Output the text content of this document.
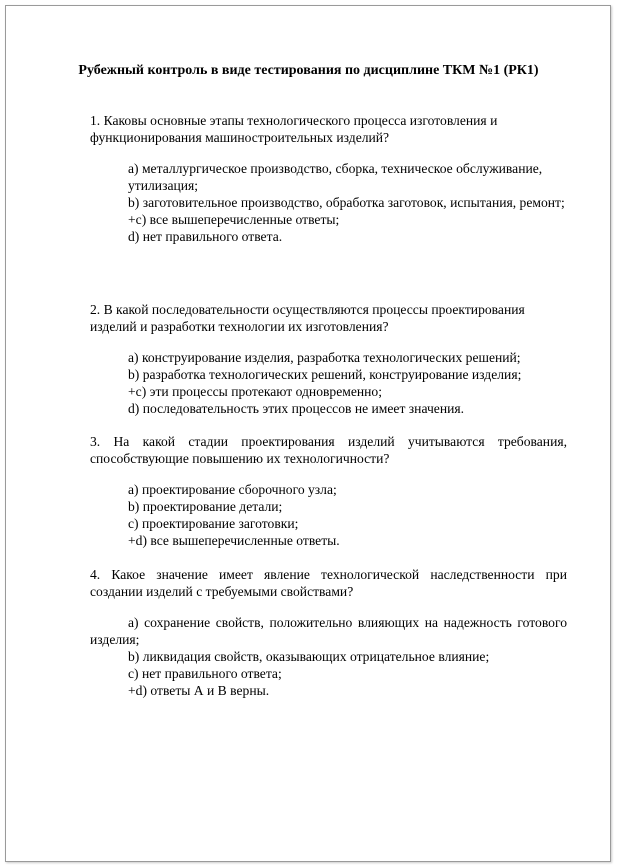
Рубежный контроль в виде тестирования по дисциплине ТКМ №1 (РК1)

1. Каковы основные этапы технологического процесса изготовления и функционирования машиностроительных изделий?

a) металлургическое производство, сборка, техническое обслуживание, утилизация;
b) заготовительное производство, обработка заготовок, испытания, ремонт;
+c) все вышеперечисленные ответы;
d) нет правильного ответа.

2. В какой последовательности осуществляются процессы проектирования изделий и разработки технологии их изготовления?

a) конструирование изделия, разработка технологических решений;
b) разработка технологических решений, конструирование изделия;
+c) эти процессы протекают одновременно;
d) последовательность этих процессов не имеет значения.

3. На какой стадии проектирования изделий учитываются требования, способствующие повышению их технологичности?

a) проектирование сборочного узла;
b) проектирование детали;
c) проектирование заготовки;
+d) все вышеперечисленные ответы.

4. Какое значение имеет явление технологической наследственности при создании изделий с требуемыми свойствами?

a) сохранение свойств, положительно влияющих на надежность готового изделия;
b) ликвидация свойств, оказывающих отрицательное влияние;
c) нет правильного ответа;
+d) ответы А и В верны.
